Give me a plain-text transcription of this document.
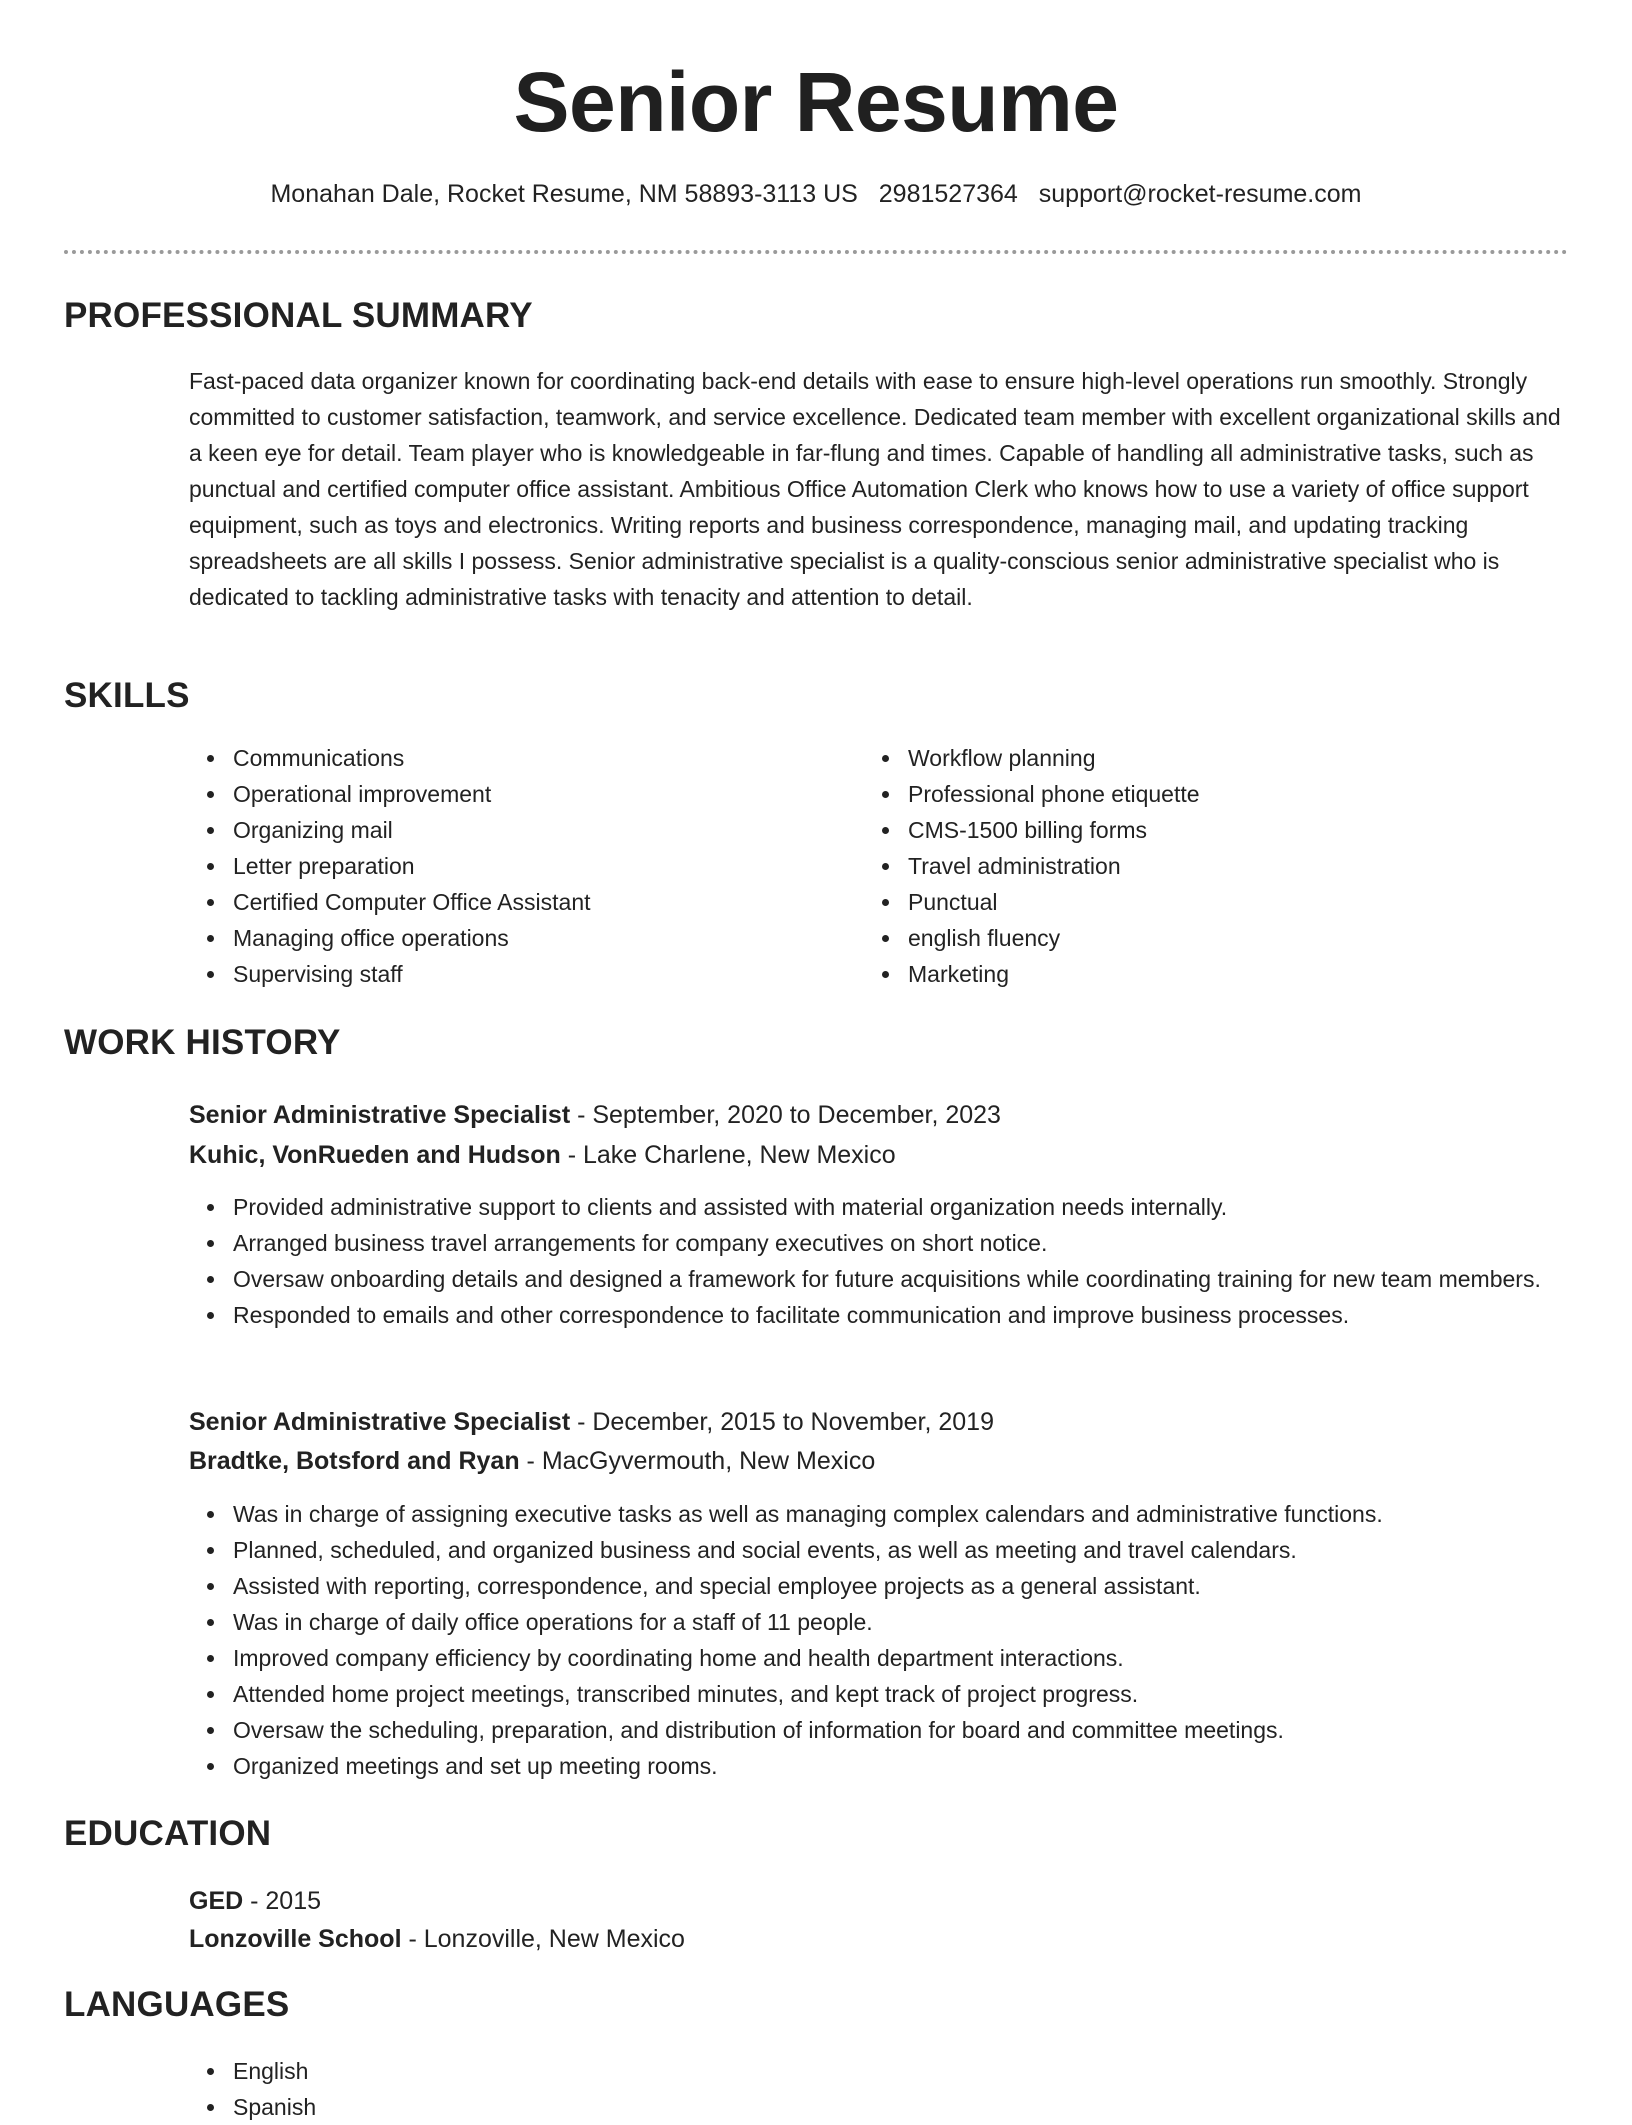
Senior Resume
Monahan Dale, Rocket Resume, NM 58893-3113 US 2981527364 support@rocket-resume.com
PROFESSIONAL SUMMARY
Fast-paced data organizer known for coordinating back-end details with ease to ensure high-level operations run smoothly. Strongly committed to customer satisfaction, teamwork, and service excellence. Dedicated team member with excellent organizational skills and a keen eye for detail. Team player who is knowledgeable in far-flung and times. Capable of handling all administrative tasks, such as punctual and certified computer office assistant. Ambitious Office Automation Clerk who knows how to use a variety of office support equipment, such as toys and electronics. Writing reports and business correspondence, managing mail, and updating tracking spreadsheets are all skills I possess. Senior administrative specialist is a quality-conscious senior administrative specialist who is dedicated to tackling administrative tasks with tenacity and attention to detail.
SKILLS
Communications
Operational improvement
Organizing mail
Letter preparation
Certified Computer Office Assistant
Managing office operations
Supervising staff
Workflow planning
Professional phone etiquette
CMS-1500 billing forms
Travel administration
Punctual
english fluency
Marketing
WORK HISTORY
Senior Administrative Specialist - September, 2020 to December, 2023
Kuhic, VonRueden and Hudson - Lake Charlene, New Mexico
Provided administrative support to clients and assisted with material organization needs internally.
Arranged business travel arrangements for company executives on short notice.
Oversaw onboarding details and designed a framework for future acquisitions while coordinating training for new team members.
Responded to emails and other correspondence to facilitate communication and improve business processes.
Senior Administrative Specialist - December, 2015 to November, 2019
Bradtke, Botsford and Ryan - MacGyvermouth, New Mexico
Was in charge of assigning executive tasks as well as managing complex calendars and administrative functions.
Planned, scheduled, and organized business and social events, as well as meeting and travel calendars.
Assisted with reporting, correspondence, and special employee projects as a general assistant.
Was in charge of daily office operations for a staff of 11 people.
Improved company efficiency by coordinating home and health department interactions.
Attended home project meetings, transcribed minutes, and kept track of project progress.
Oversaw the scheduling, preparation, and distribution of information for board and committee meetings.
Organized meetings and set up meeting rooms.
EDUCATION
GED - 2015
Lonzoville School - Lonzoville, New Mexico
LANGUAGES
English
Spanish
